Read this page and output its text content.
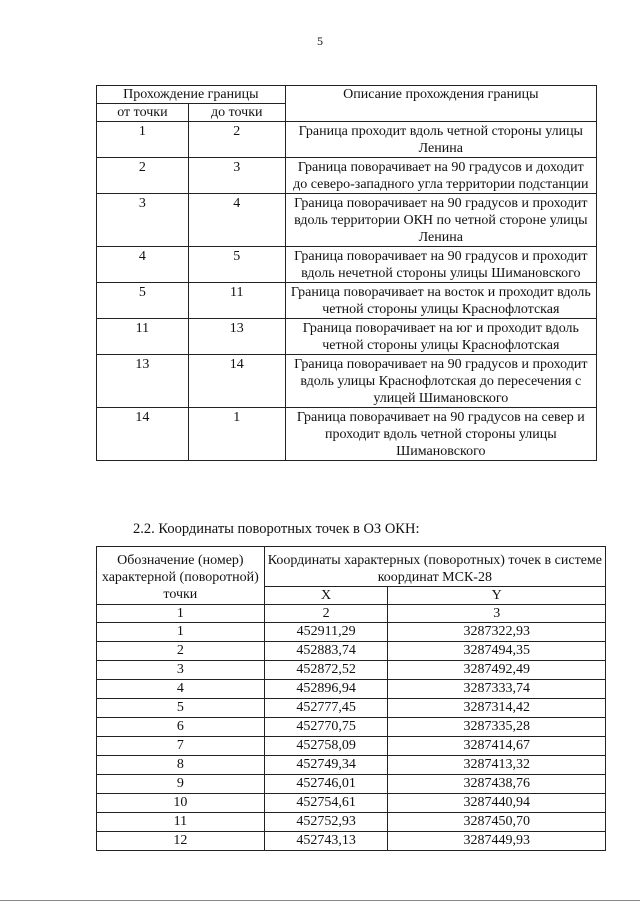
5
Прохождение границы		Описание прохождения границы
от точки	до точки	
1	2	Граница проходит вдоль четной стороны улицы Ленина
2	3	Граница поворачивает на 90 градусов и доходит до северо-западного угла территории подстанции
3	4	Граница поворачивает на 90 градусов и проходит вдоль территории ОКН по четной стороне улицы Ленина
4	5	Граница поворачивает на 90 градусов и проходит вдоль нечетной стороны улицы Шимановского
5	11	Граница поворачивает на восток и проходит вдоль четной стороны улицы Краснофлотская
11	13	Граница поворачивает на юг и проходит вдоль четной стороны улицы Краснофлотская
13	14	Граница поворачивает на 90 градусов и проходит вдоль улицы Краснофлотская до пересечения с улицей Шимановского
14	1	Граница поворачивает на 90 градусов на север и проходит вдоль четной стороны улицы Шимановского
2.2. Координаты поворотных точек в ОЗ ОКН:
Обозначение (номер) характерной (поворотной) точки	Координаты характерных (поворотных) точек в системе координат МСК-28	
	X	Y
1	2	3
1	452911,29	3287322,93
2	452883,74	3287494,35
3	452872,52	3287492,49
4	452896,94	3287333,74
5	452777,45	3287314,42
6	452770,75	3287335,28
7	452758,09	3287414,67
8	452749,34	3287413,32
9	452746,01	3287438,76
10	452754,61	3287440,94
11	452752,93	3287450,70
12	452743,13	3287449,93
